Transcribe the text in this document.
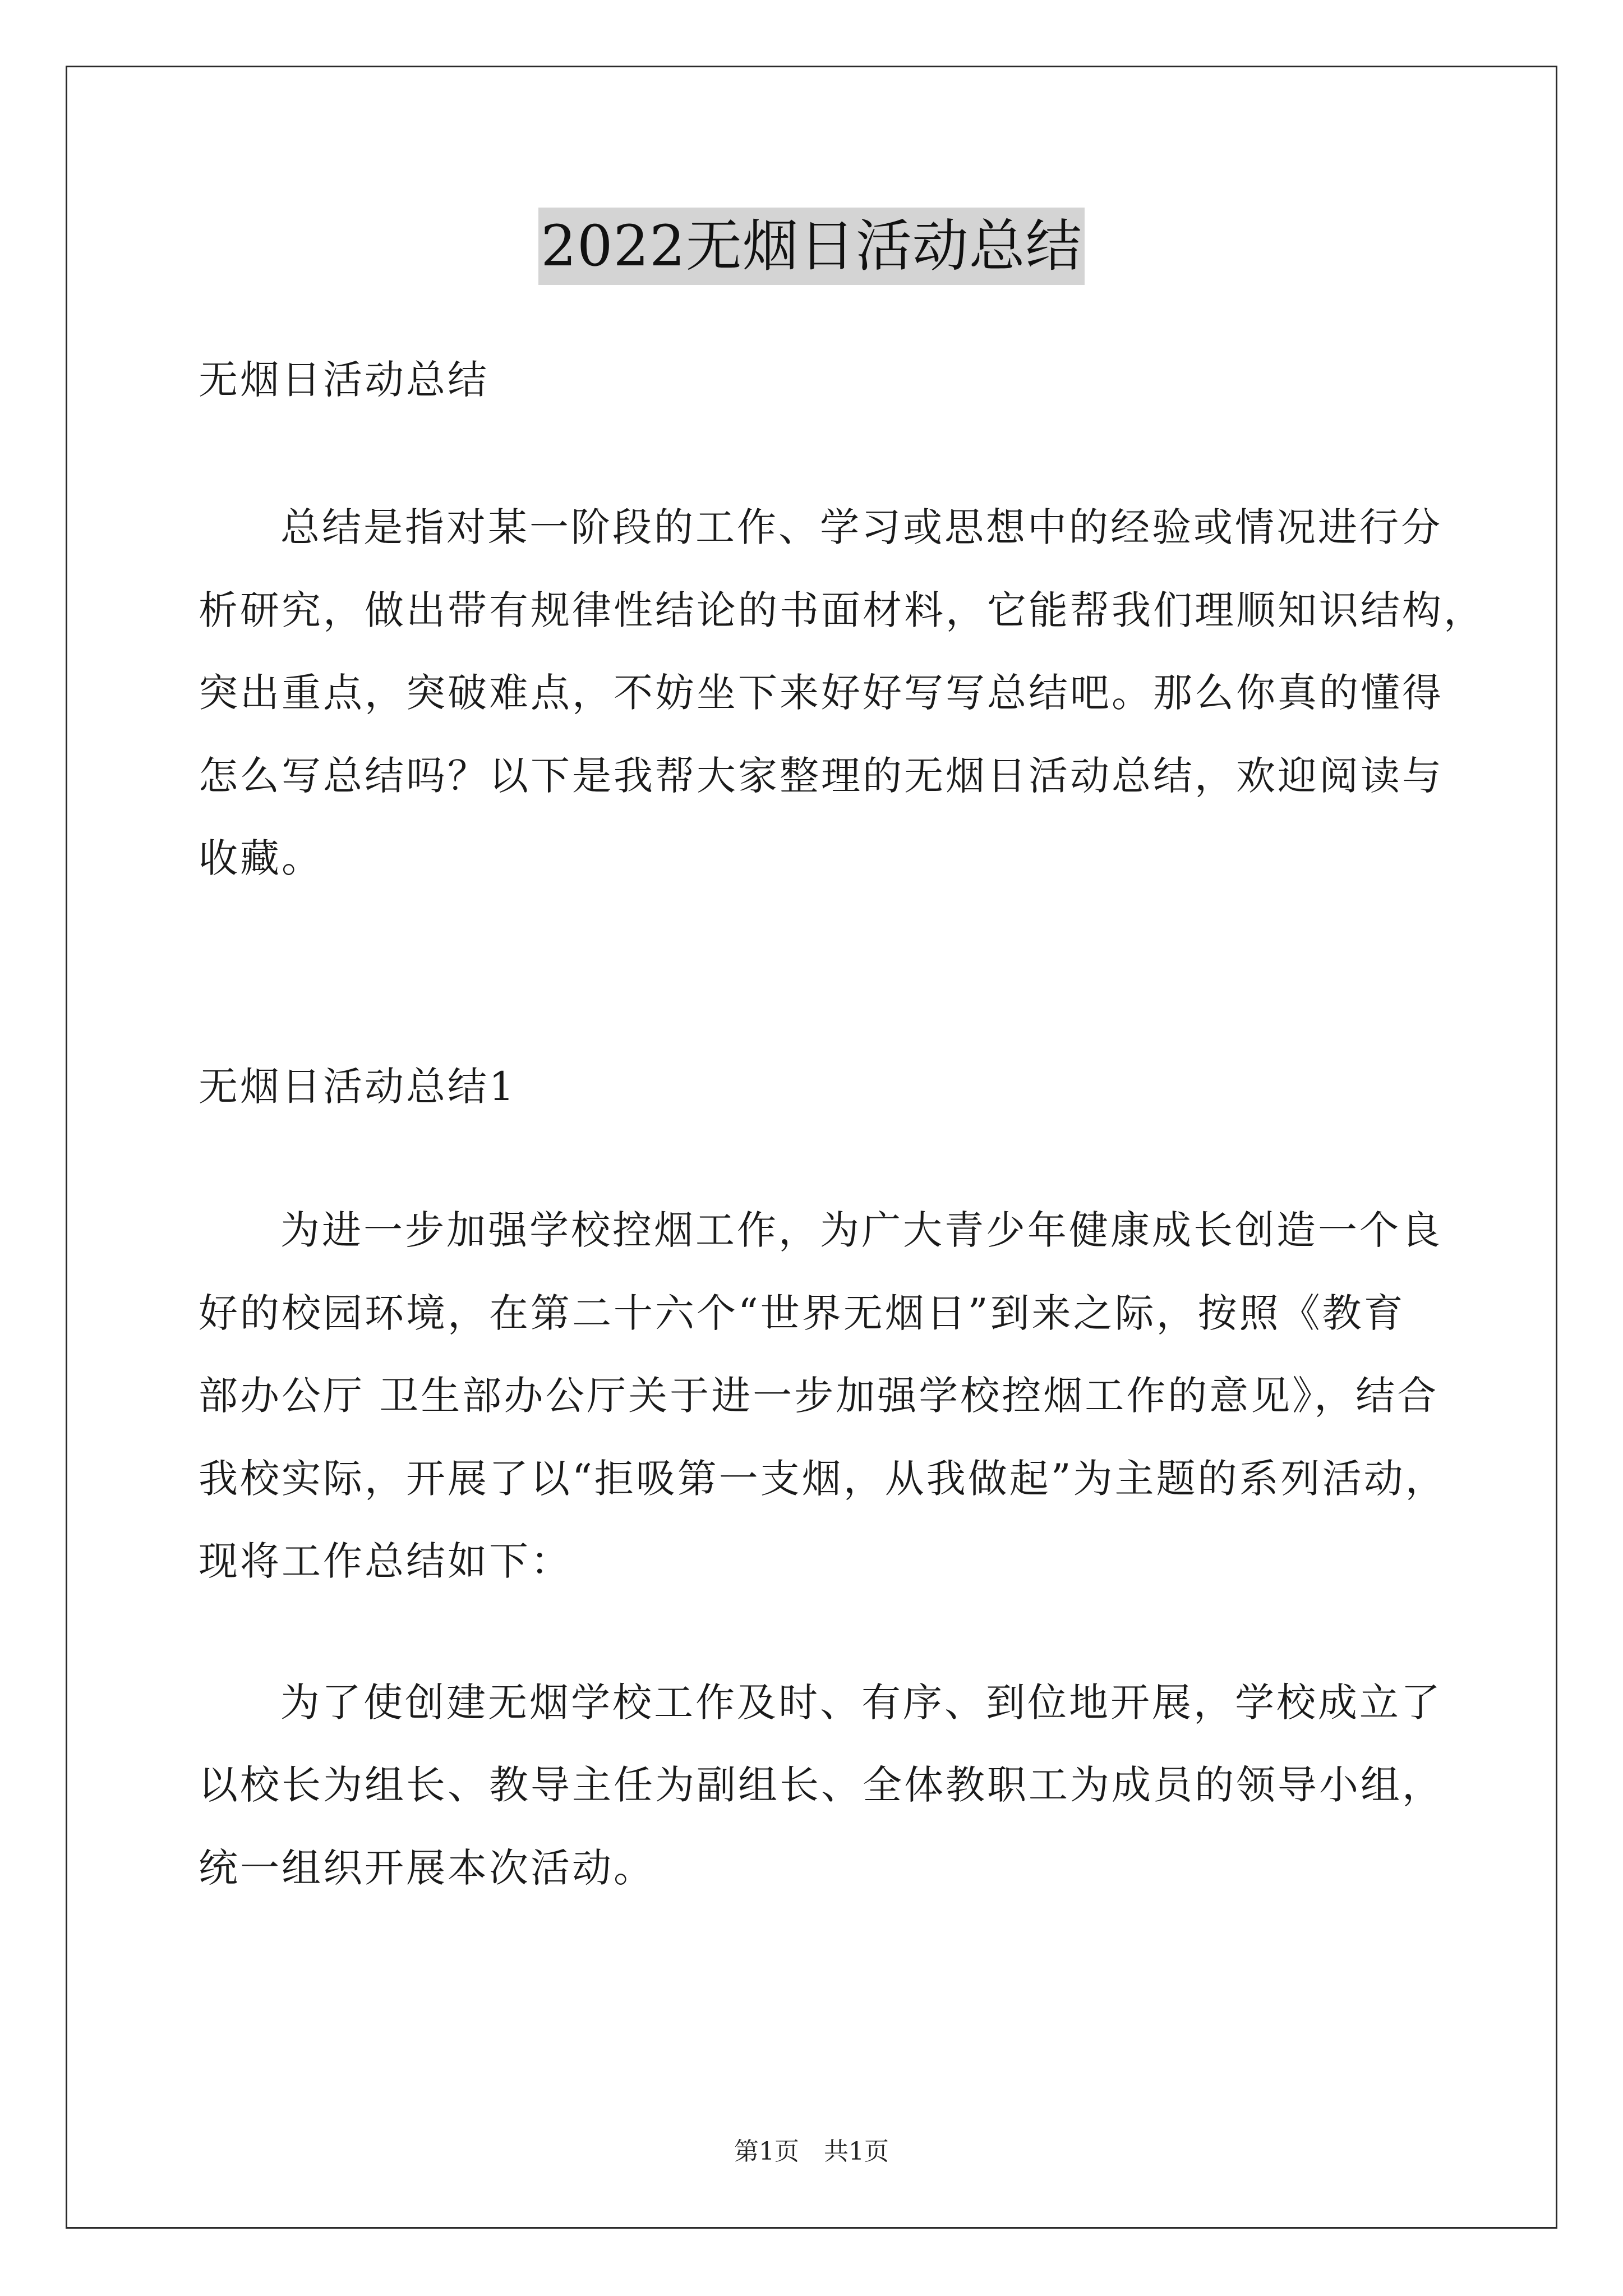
2022无烟日活动总结
无烟日活动总结
总结是指对某一阶段的工作、学习或思想中的经验或情况进行分
析研究，做出带有规律性结论的书面材料，它能帮我们理顺知识结构，
突出重点，突破难点，不妨坐下来好好写写总结吧。那么你真的懂得
怎么写总结吗？以下是我帮大家整理的无烟日活动总结，欢迎阅读与
收藏。
无烟日活动总结1
为进一步加强学校控烟工作，为广大青少年健康成长创造一个良
好的校园环境，在第二十六个“世界无烟日”到来之际，按照《教育
部办公厅 卫生部办公厅关于进一步加强学校控烟工作的意见》，结合
我校实际，开展了以“拒吸第一支烟，从我做起”为主题的系列活动，
现将工作总结如下：
为了使创建无烟学校工作及时、有序、到位地开展，学校成立了
以校长为组长、教导主任为副组长、全体教职工为成员的领导小组，
统一组织开展本次活动。
第1页 共1页
